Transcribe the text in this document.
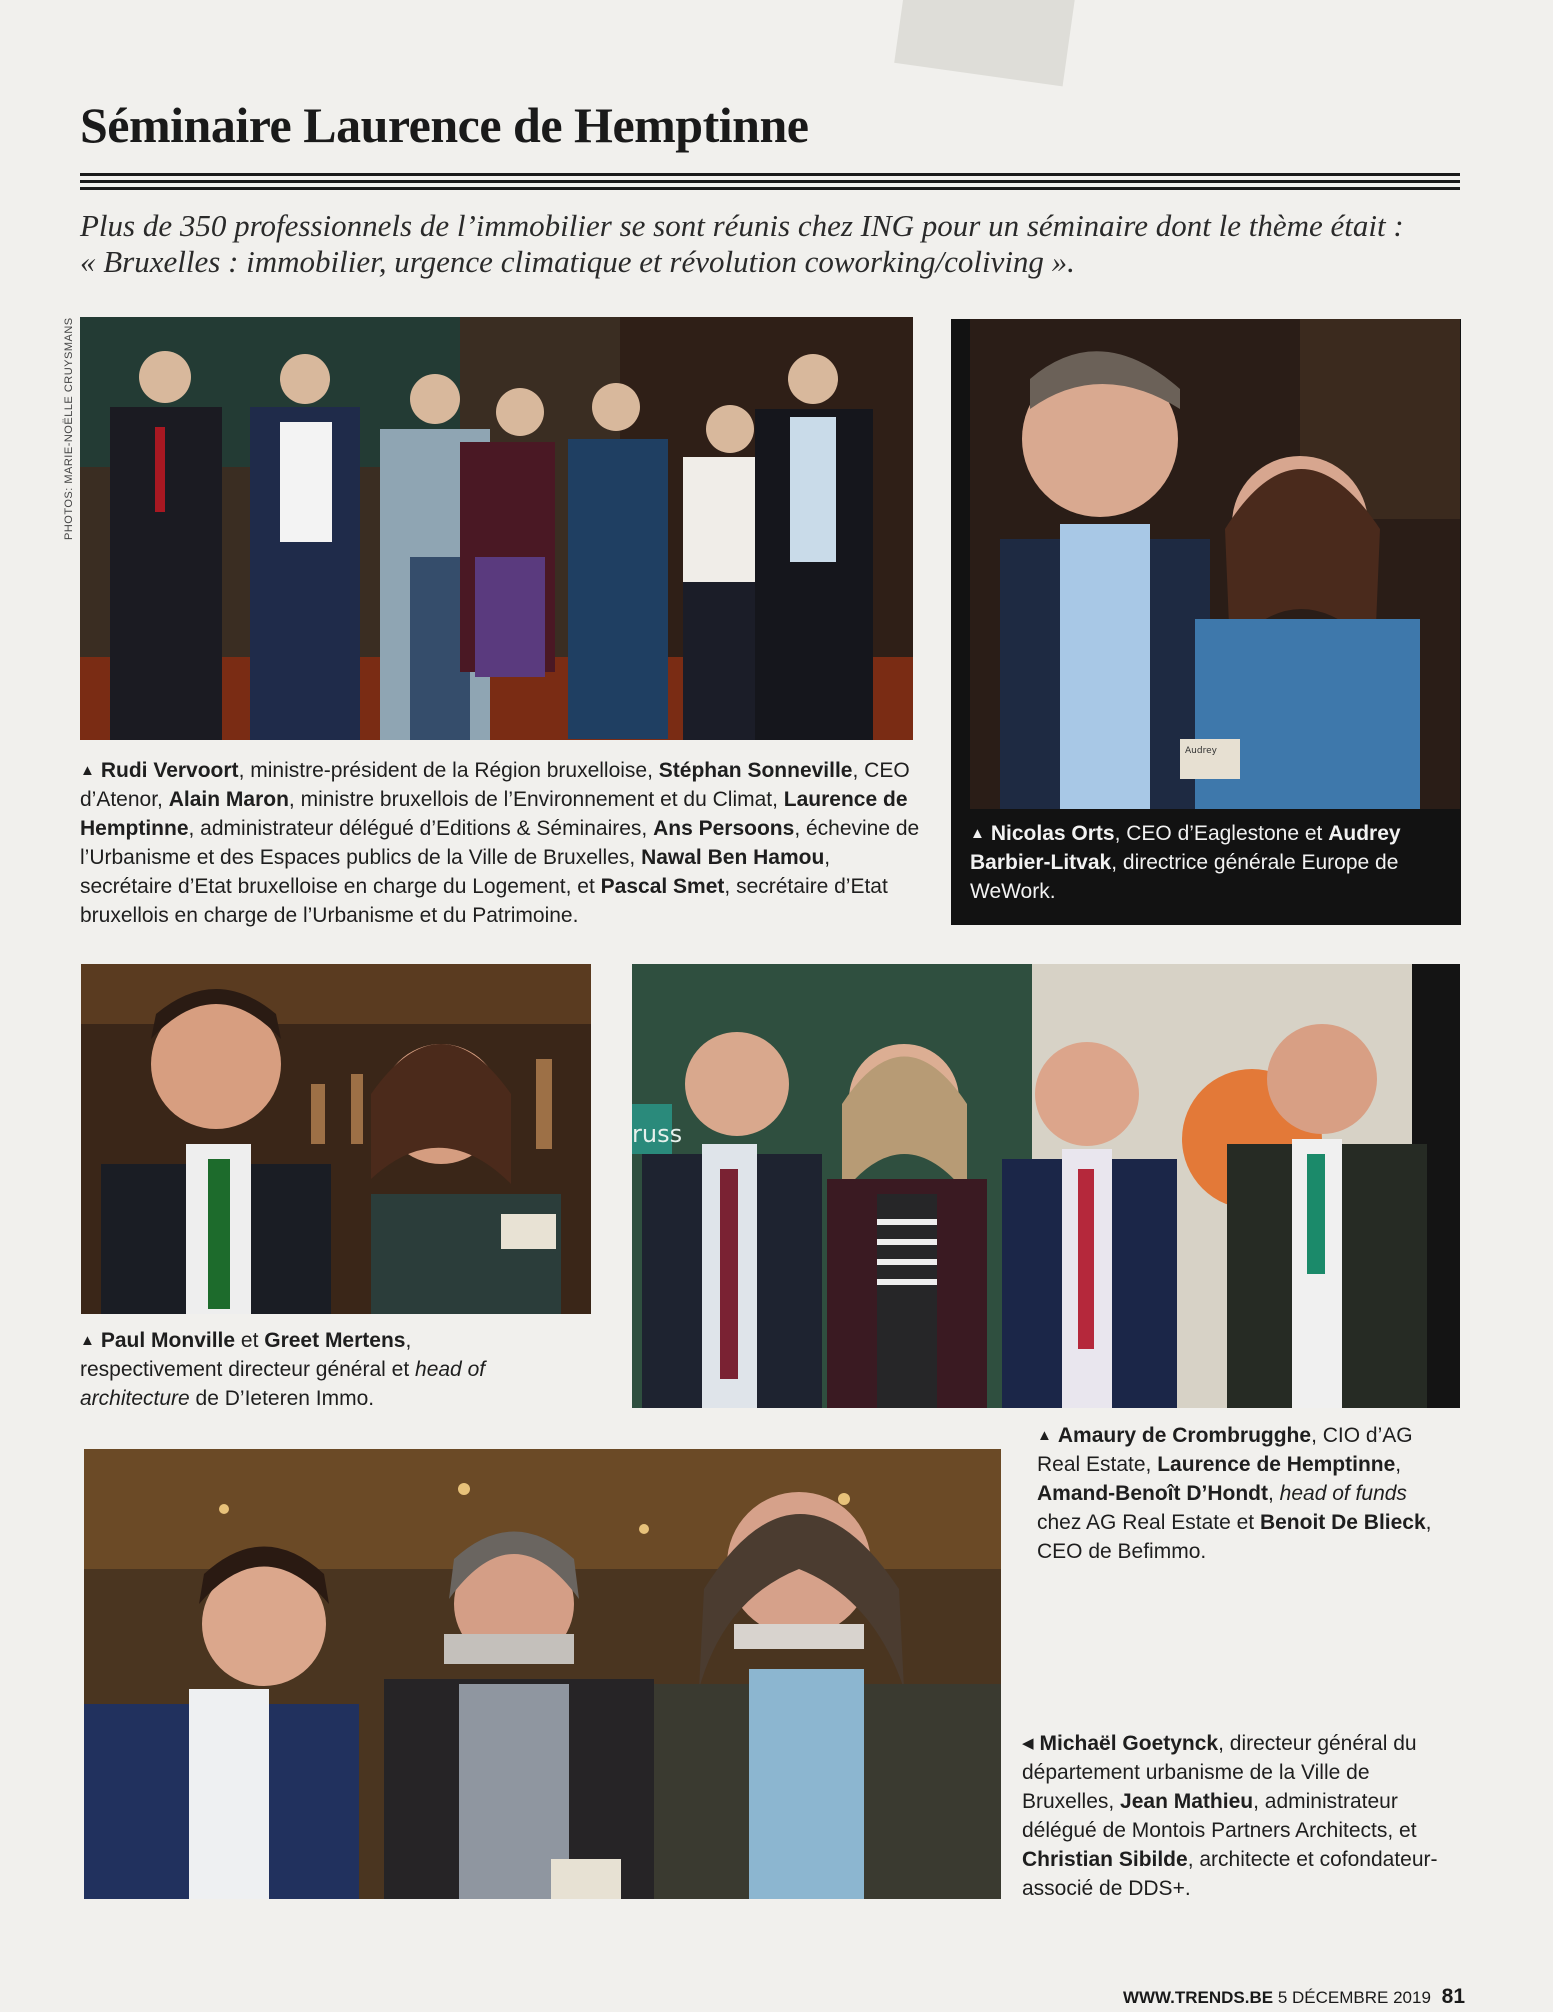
Séminaire Laurence de Hemptinne

Plus de 350 professionnels de l’immobilier se sont réunis chez ING pour un séminaire dont le thème était :
« Bruxelles : immobilier, urgence climatique et révolution coworking/coliving ».

PHOTOS: MARIE-NOËLLE CRUYSMANS

▲ Rudi Vervoort, ministre-président de la Région bruxelloise, Stéphan Sonneville, CEO d’Atenor, Alain Maron, ministre bruxellois de l’Environnement et du Climat, Laurence de Hemptinne, administrateur délégué d’Editions & Séminaires, Ans Persoons, échevine de l’Urbanisme et des Espaces publics de la Ville de Bruxelles, Nawal Ben Hamou, secrétaire d’Etat bruxelloise en charge du Logement, et Pascal Smet, secrétaire d’Etat bruxellois en charge de l’Urbanisme et du Patrimoine.

Audrey

▲ Nicolas Orts, CEO d’Eaglestone et Audrey Barbier-Litvak, directrice générale Europe de WeWork.

▲ Paul Monville et Greet Mertens, respectivement directeur général et head of architecture de D’Ieteren Immo.

russ

▲ Amaury de Crombrugghe, CIO d’AG Real Estate, Laurence de Hemptinne, Amand-Benoît D’Hondt, head of funds chez AG Real Estate et Benoit De Blieck, CEO de Befimmo.

◀ Michaël Goetynck, directeur général du département urbanisme de la Ville de Bruxelles, Jean Mathieu, administrateur délégué de Montois Partners Architects, et Christian Sibilde, architecte et cofondateur-associé de DDS+.

WWW.TRENDS.BE 5 DÉCEMBRE 2019 81
